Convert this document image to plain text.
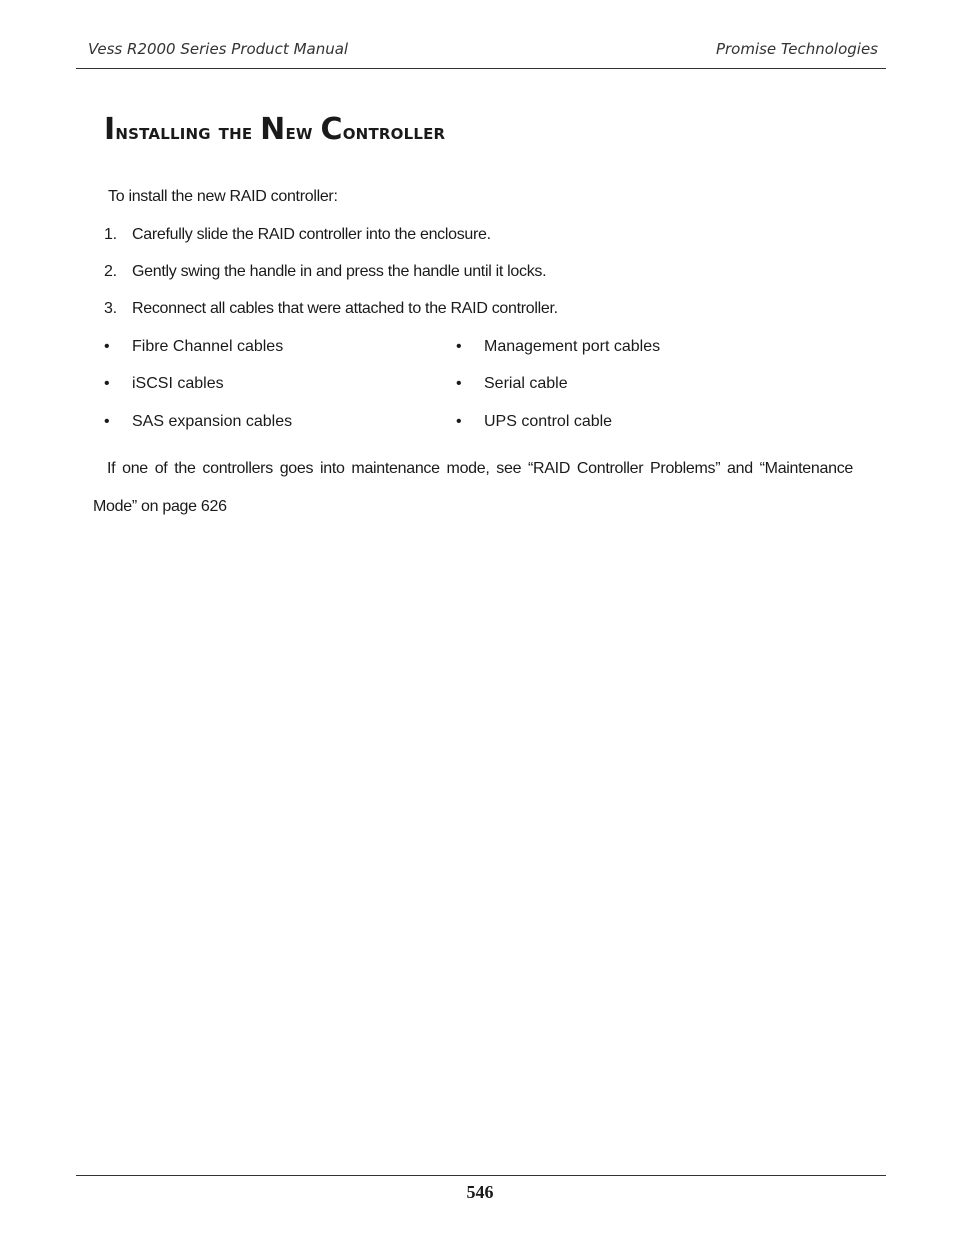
Vess R2000 Series Product Manual	Promise Technologies
Installing the New Controller
To install the new RAID controller:
1. Carefully slide the RAID controller into the enclosure.
2. Gently swing the handle in and press the handle until it locks.
3. Reconnect all cables that were attached to the RAID controller.
• Fibre Channel cables
• iSCSI cables
• SAS expansion cables
• Management port cables
• Serial cable
• UPS control cable

If one of the controllers goes into maintenance mode, see “RAID Controller Problems” and “Maintenance
Mode” on page 626

546
